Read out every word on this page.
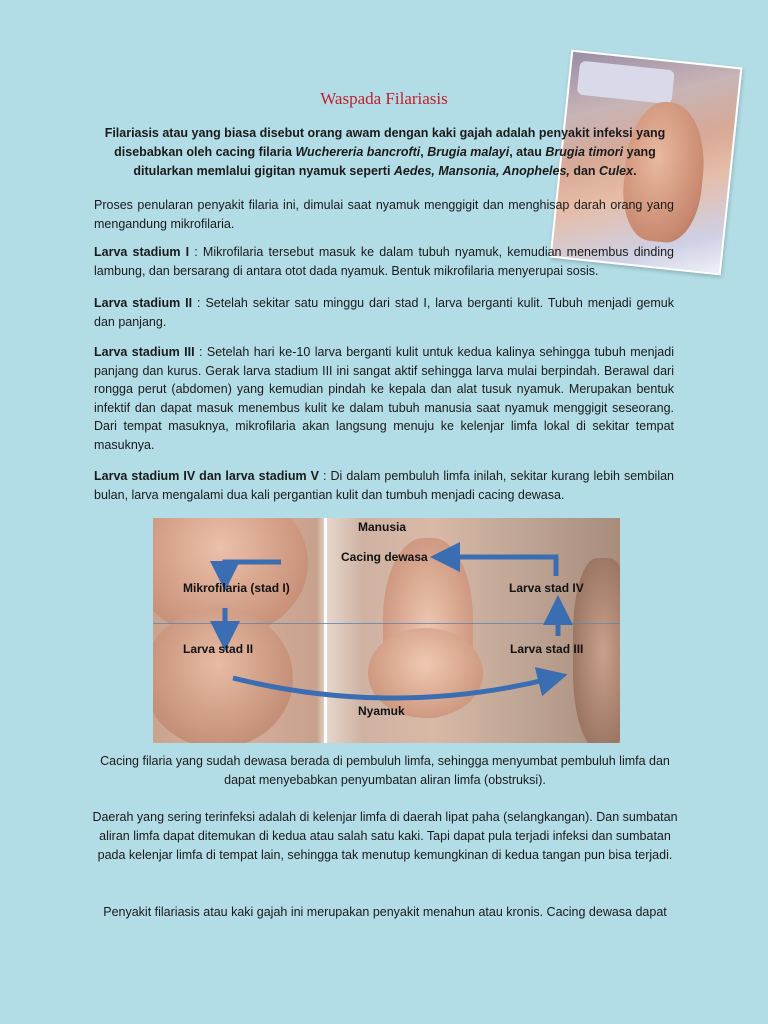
Waspada Filariasis
Filariasis atau yang biasa disebut orang awam dengan kaki gajah adalah penyakit infeksi yang disebabkan oleh cacing filaria Wuchereria bancrofti, Brugia malayi, atau Brugia timori yang ditularkan memlalui gigitan nyamuk seperti Aedes, Mansonia, Anopheles, dan Culex.
Proses penularan penyakit filaria ini, dimulai saat nyamuk menggigit dan menghisap darah orang yang mengandung mikrofilaria.
Larva stadium I : Mikrofilaria tersebut masuk ke dalam tubuh nyamuk, kemudian menembus dinding lambung, dan bersarang di antara otot dada nyamuk. Bentuk mikrofilaria menyerupai sosis.
Larva stadium II : Setelah sekitar satu minggu dari stad I, larva berganti kulit. Tubuh menjadi gemuk dan panjang.
Larva stadium III : Setelah hari ke-10 larva berganti kulit untuk kedua kalinya sehingga tubuh menjadi panjang dan kurus. Gerak larva stadium III ini sangat aktif sehingga larva mulai berpindah. Berawal dari rongga perut (abdomen) yang kemudian pindah ke kepala dan alat tusuk nyamuk. Merupakan bentuk infektif dan dapat masuk menembus kulit ke dalam tubuh manusia saat nyamuk menggigit seseorang. Dari tempat masuknya, mikrofilaria akan langsung menuju ke kelenjar limfa lokal di sekitar tempat masuknya.
Larva stadium IV dan larva stadium V : Di dalam pembuluh limfa inilah, sekitar kurang lebih sembilan bulan, larva mengalami dua kali pergantian kulit dan tumbuh menjadi cacing dewasa.
Manusia
Cacing dewasa
Mikrofilaria (stad I)	Larva stad IV
Larva stad II	Larva stad III
Nyamuk
Cacing filaria yang sudah dewasa berada di pembuluh limfa, sehingga menyumbat pembuluh limfa dan dapat menyebabkan penyumbatan aliran limfa (obstruksi).
Daerah yang sering terinfeksi adalah di kelenjar limfa di daerah lipat paha (selangkangan). Dan sumbatan aliran limfa dapat ditemukan di kedua atau salah satu kaki. Tapi dapat pula terjadi infeksi dan sumbatan pada kelenjar limfa di tempat lain, sehingga tak menutup kemungkinan di kedua tangan pun bisa terjadi.
Penyakit filariasis atau kaki gajah ini merupakan penyakit menahun atau kronis. Cacing dewasa dapat
